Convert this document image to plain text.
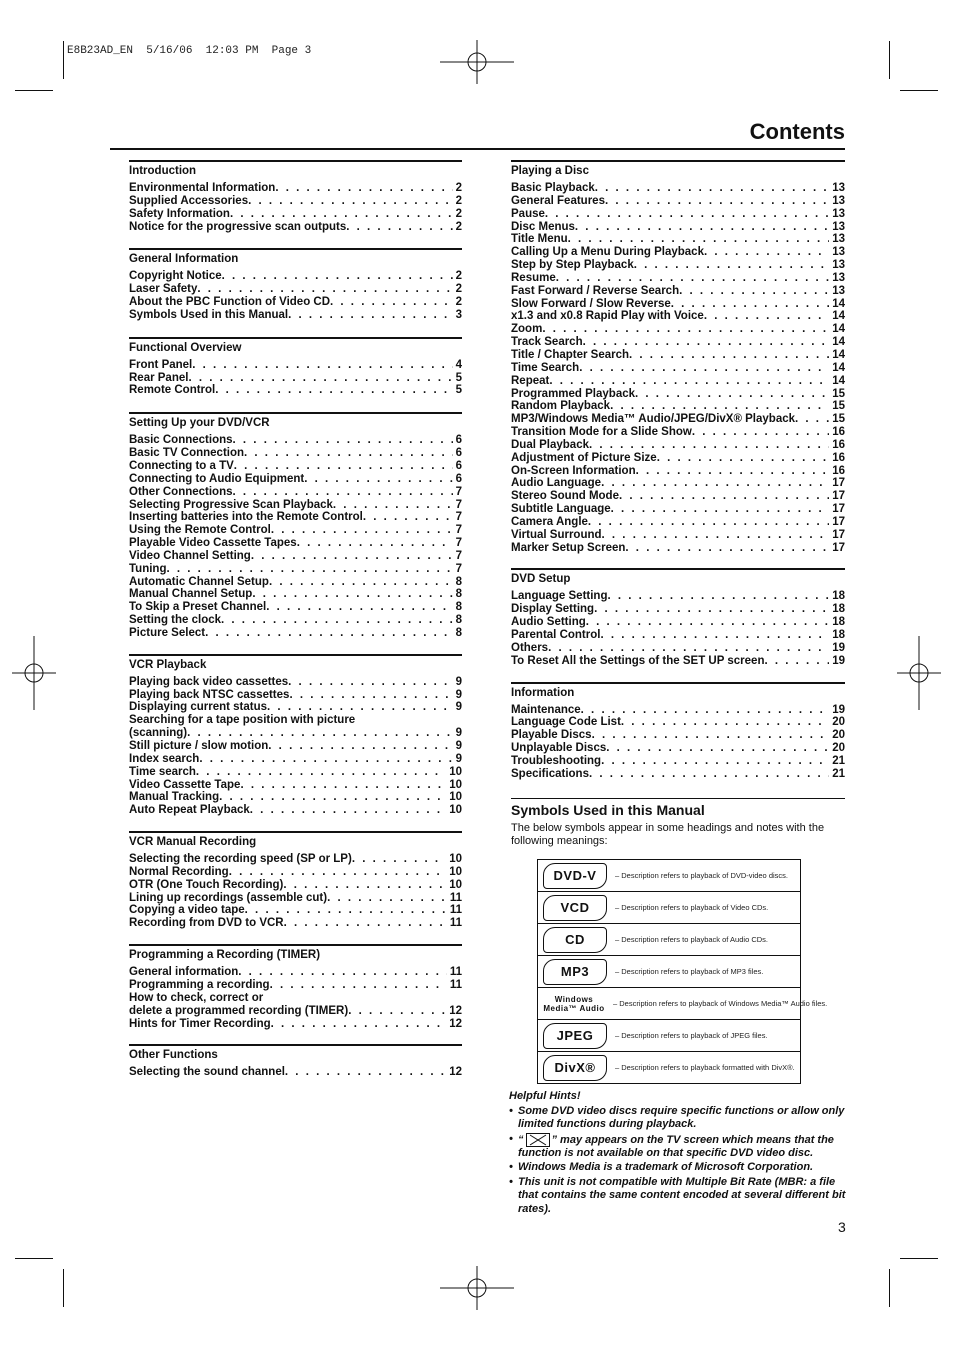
E8B23AD_EN  5/16/06  12:03 PM  Page 3
Contents
Introduction
Environmental Information . . .	2
Supplied Accessories . . .	2
Safety Information . . .	2
Notice for the progressive scan outputs . . .	2
General Information
Copyright Notice . . .	2
Laser Safety . . .	2
About the PBC Function of Video CD . . .	2
Symbols Used in this Manual . . .	3
Functional Overview
Front Panel . . .	4
Rear Panel . . .	5
Remote Control . . .	5
Setting Up your DVD/VCR
Basic Connections . . .	6
Basic TV Connection . . .	6
Connecting to a TV . . .	6
Connecting to Audio Equipment . . .	6
Other Connections . . .	7
Selecting Progressive Scan Playback . . .	7
Inserting batteries into the Remote Control . . .	7
Using the Remote Control . . .	7
Playable Video Cassette Tapes . . .	7
Video Channel Setting . . .	7
Tuning . . .	7
Automatic Channel Setup . . .	8
Manual Channel Setup . . .	8
To Skip a Preset Channel . . .	8
Setting the clock . . .	8
Picture Select . . .	8
VCR Playback
Playing back video cassettes . . .	9
Playing back NTSC cassettes . . .	9
Displaying current status . . .	9
Searching for a tape position with picture
(scanning) . . .	9
Still picture / slow motion . . .	9
Index search . . .	9
Time search . . .	10
Video Cassette Tape . . .	10
Manual Tracking . . .	10
Auto Repeat Playback . . .	10
VCR Manual Recording
Selecting the recording speed (SP or LP) . . .	10
Normal Recording . . .	10
OTR (One Touch Recording) . . .	10
Lining up recordings (assemble cut) . . .	11
Copying a video tape . . .	11
Recording from DVD to VCR . . .	11
Programming a Recording (TIMER)
General information . . .	11
Programming a recording . . .	11
How to check, correct or
delete a programmed recording (TIMER) . . .	12
Hints for Timer Recording . . .	12
Other Functions
Selecting the sound channel . . .	12
Playing a Disc
Basic Playback . . .	13
General Features . . .	13
Pause . . .	13
Disc Menus . . .	13
Title Menu . . .	13
Calling Up a Menu During Playback . . .	13
Step by Step Playback . . .	13
Resume . . .	13
Fast Forward / Reverse Search . . .	13
Slow Forward / Slow Reverse . . .	14
x1.3 and x0.8 Rapid Play with Voice . . .	14
Zoom . . .	14
Track Search . . .	14
Title / Chapter Search . . .	14
Time Search . . .	14
Repeat . . .	14
Programmed Playback . . .	15
Random Playback . . .	15
MP3/Windows Media™ Audio/JPEG/DivX® Playback . . .	15
Transition Mode for a Slide Show . . .	16
Dual Playback . . .	16
Adjustment of Picture Size . . .	16
On-Screen Information . . .	16
Audio Language . . .	17
Stereo Sound Mode . . .	17
Subtitle Language . . .	17
Camera Angle . . .	17
Virtual Surround . . .	17
Marker Setup Screen . . .	17
DVD Setup
Language Setting . . .	18
Display Setting . . .	18
Audio Setting . . .	18
Parental Control . . .	18
Others . . .	19
To Reset All the Settings of the SET UP screen . . .	19
Information
Maintenance . . .	19
Language Code List . . .	20
Playable Discs . . .	20
Unplayable Discs . . .	20
Troubleshooting . . .	21
Specifications . . .	21
Symbols Used in this Manual
The below symbols appear in some headings and notes with the following meanings:
DVD-V	– Description refers to playback of DVD-video discs.
VCD	– Description refers to playback of Video CDs.
CD	– Description refers to playback of Audio CDs.
MP3	– Description refers to playback of MP3 files.
Windows Media™ Audio – Description refers to playback of Windows Media™ Audio files.
JPEG	– Description refers to playback of JPEG files.
DivX®	– Description refers to playback formatted with DivX®.
Helpful Hints!
• Some DVD video discs require specific functions or allow only limited functions during playback.
• “	” may appears on the TV screen which means that the function is not available on that specific DVD video disc.
• Windows Media is a trademark of Microsoft Corporation.
• This unit is not compatible with Multiple Bit Rate (MBR: a file that contains the same content encoded at several different bit rates).
3
